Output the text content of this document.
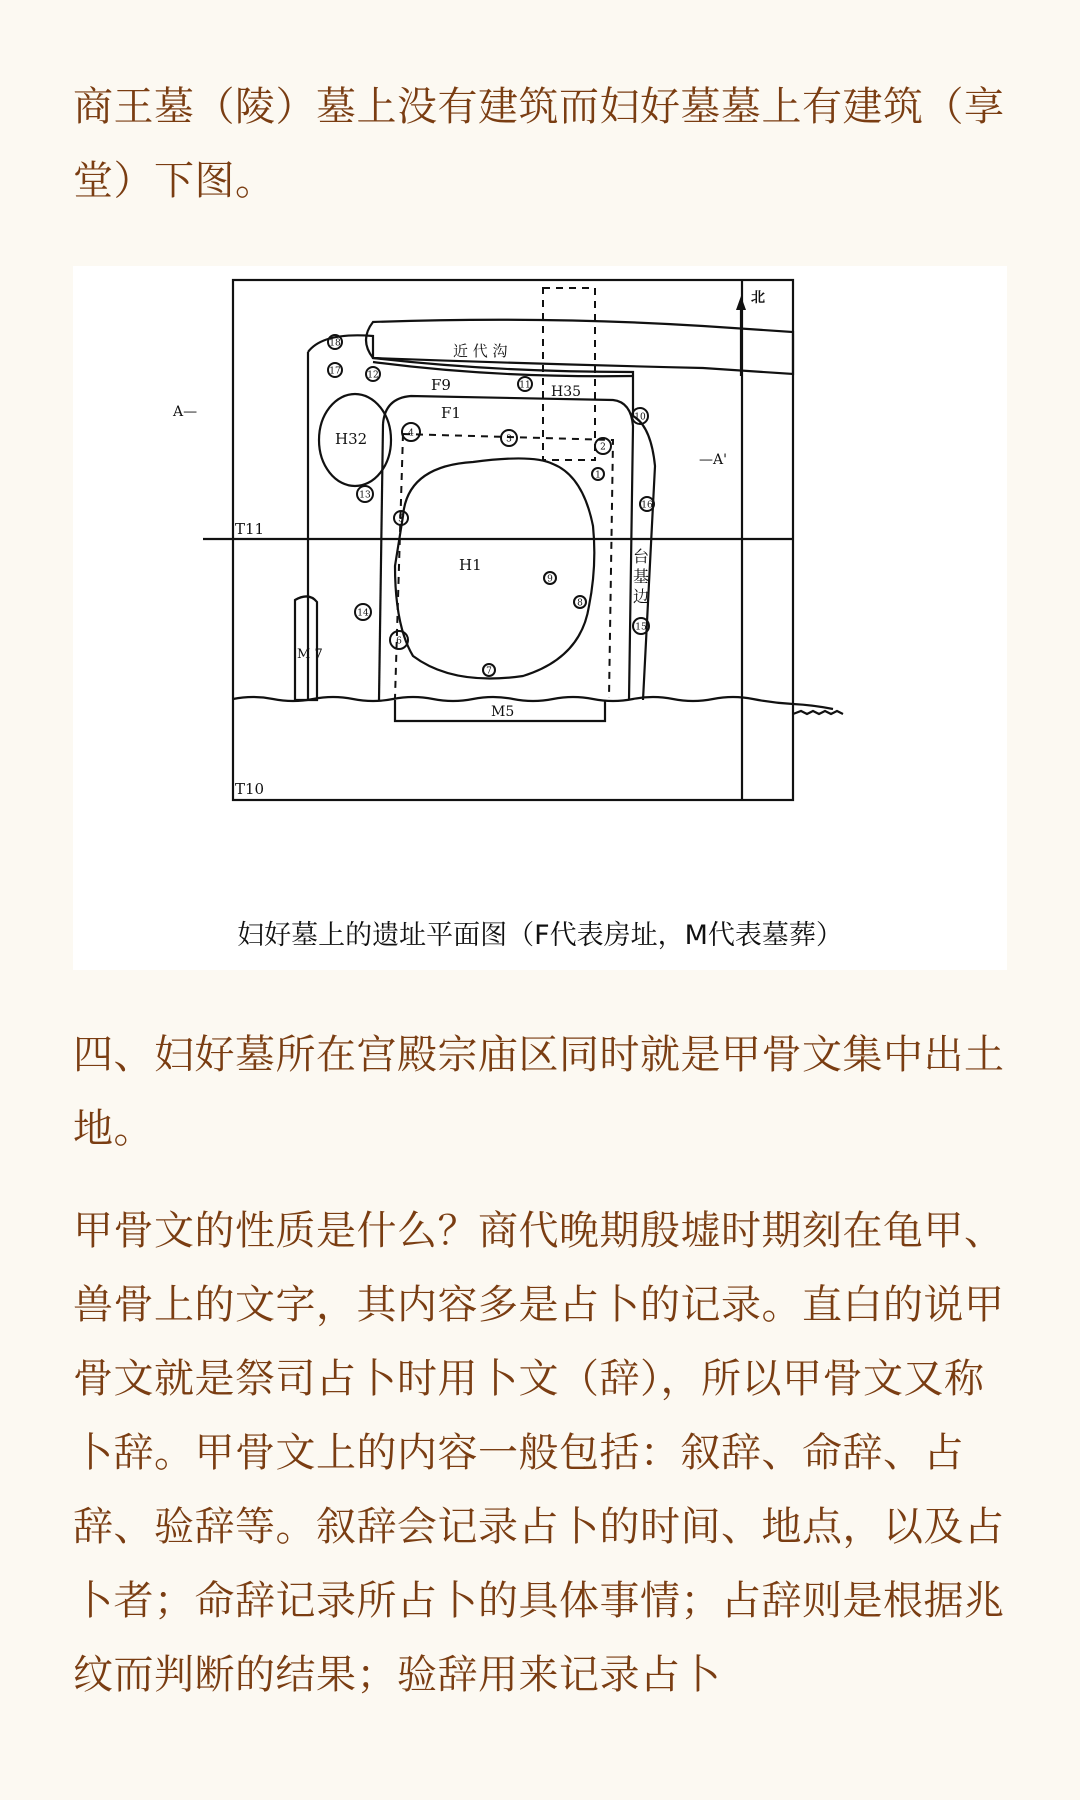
商王墓（陵）墓上没有建筑而妇好墓墓上有建筑（享堂）下图。

北
A—
—A'
T11
T10
近 代 沟
F9
F1
H35
H32
H1
M 7
M5
台
基
边
1
2
3
4
5
6
7
8
9
10
11
12
13
14
15
16
17
18
妇好墓上的遗址平面图（F代表房址，M代表墓葬）

四、妇好墓所在宫殿宗庙区同时就是甲骨文集中出土地。

甲骨文的性质是什么？商代晚期殷墟时期刻在龟甲、兽骨上的文字，其内容多是占卜的记录。直白的说甲骨文就是祭司占卜时用卜文（辞），所以甲骨文又称卜辞。甲骨文上的内容一般包括：叙辞、命辞、占辞、验辞等。叙辞会记录占卜的时间、地点，以及占卜者；命辞记录所占卜的具体事情；占辞则是根据兆纹而判断的结果；验辞用来记录占卜
